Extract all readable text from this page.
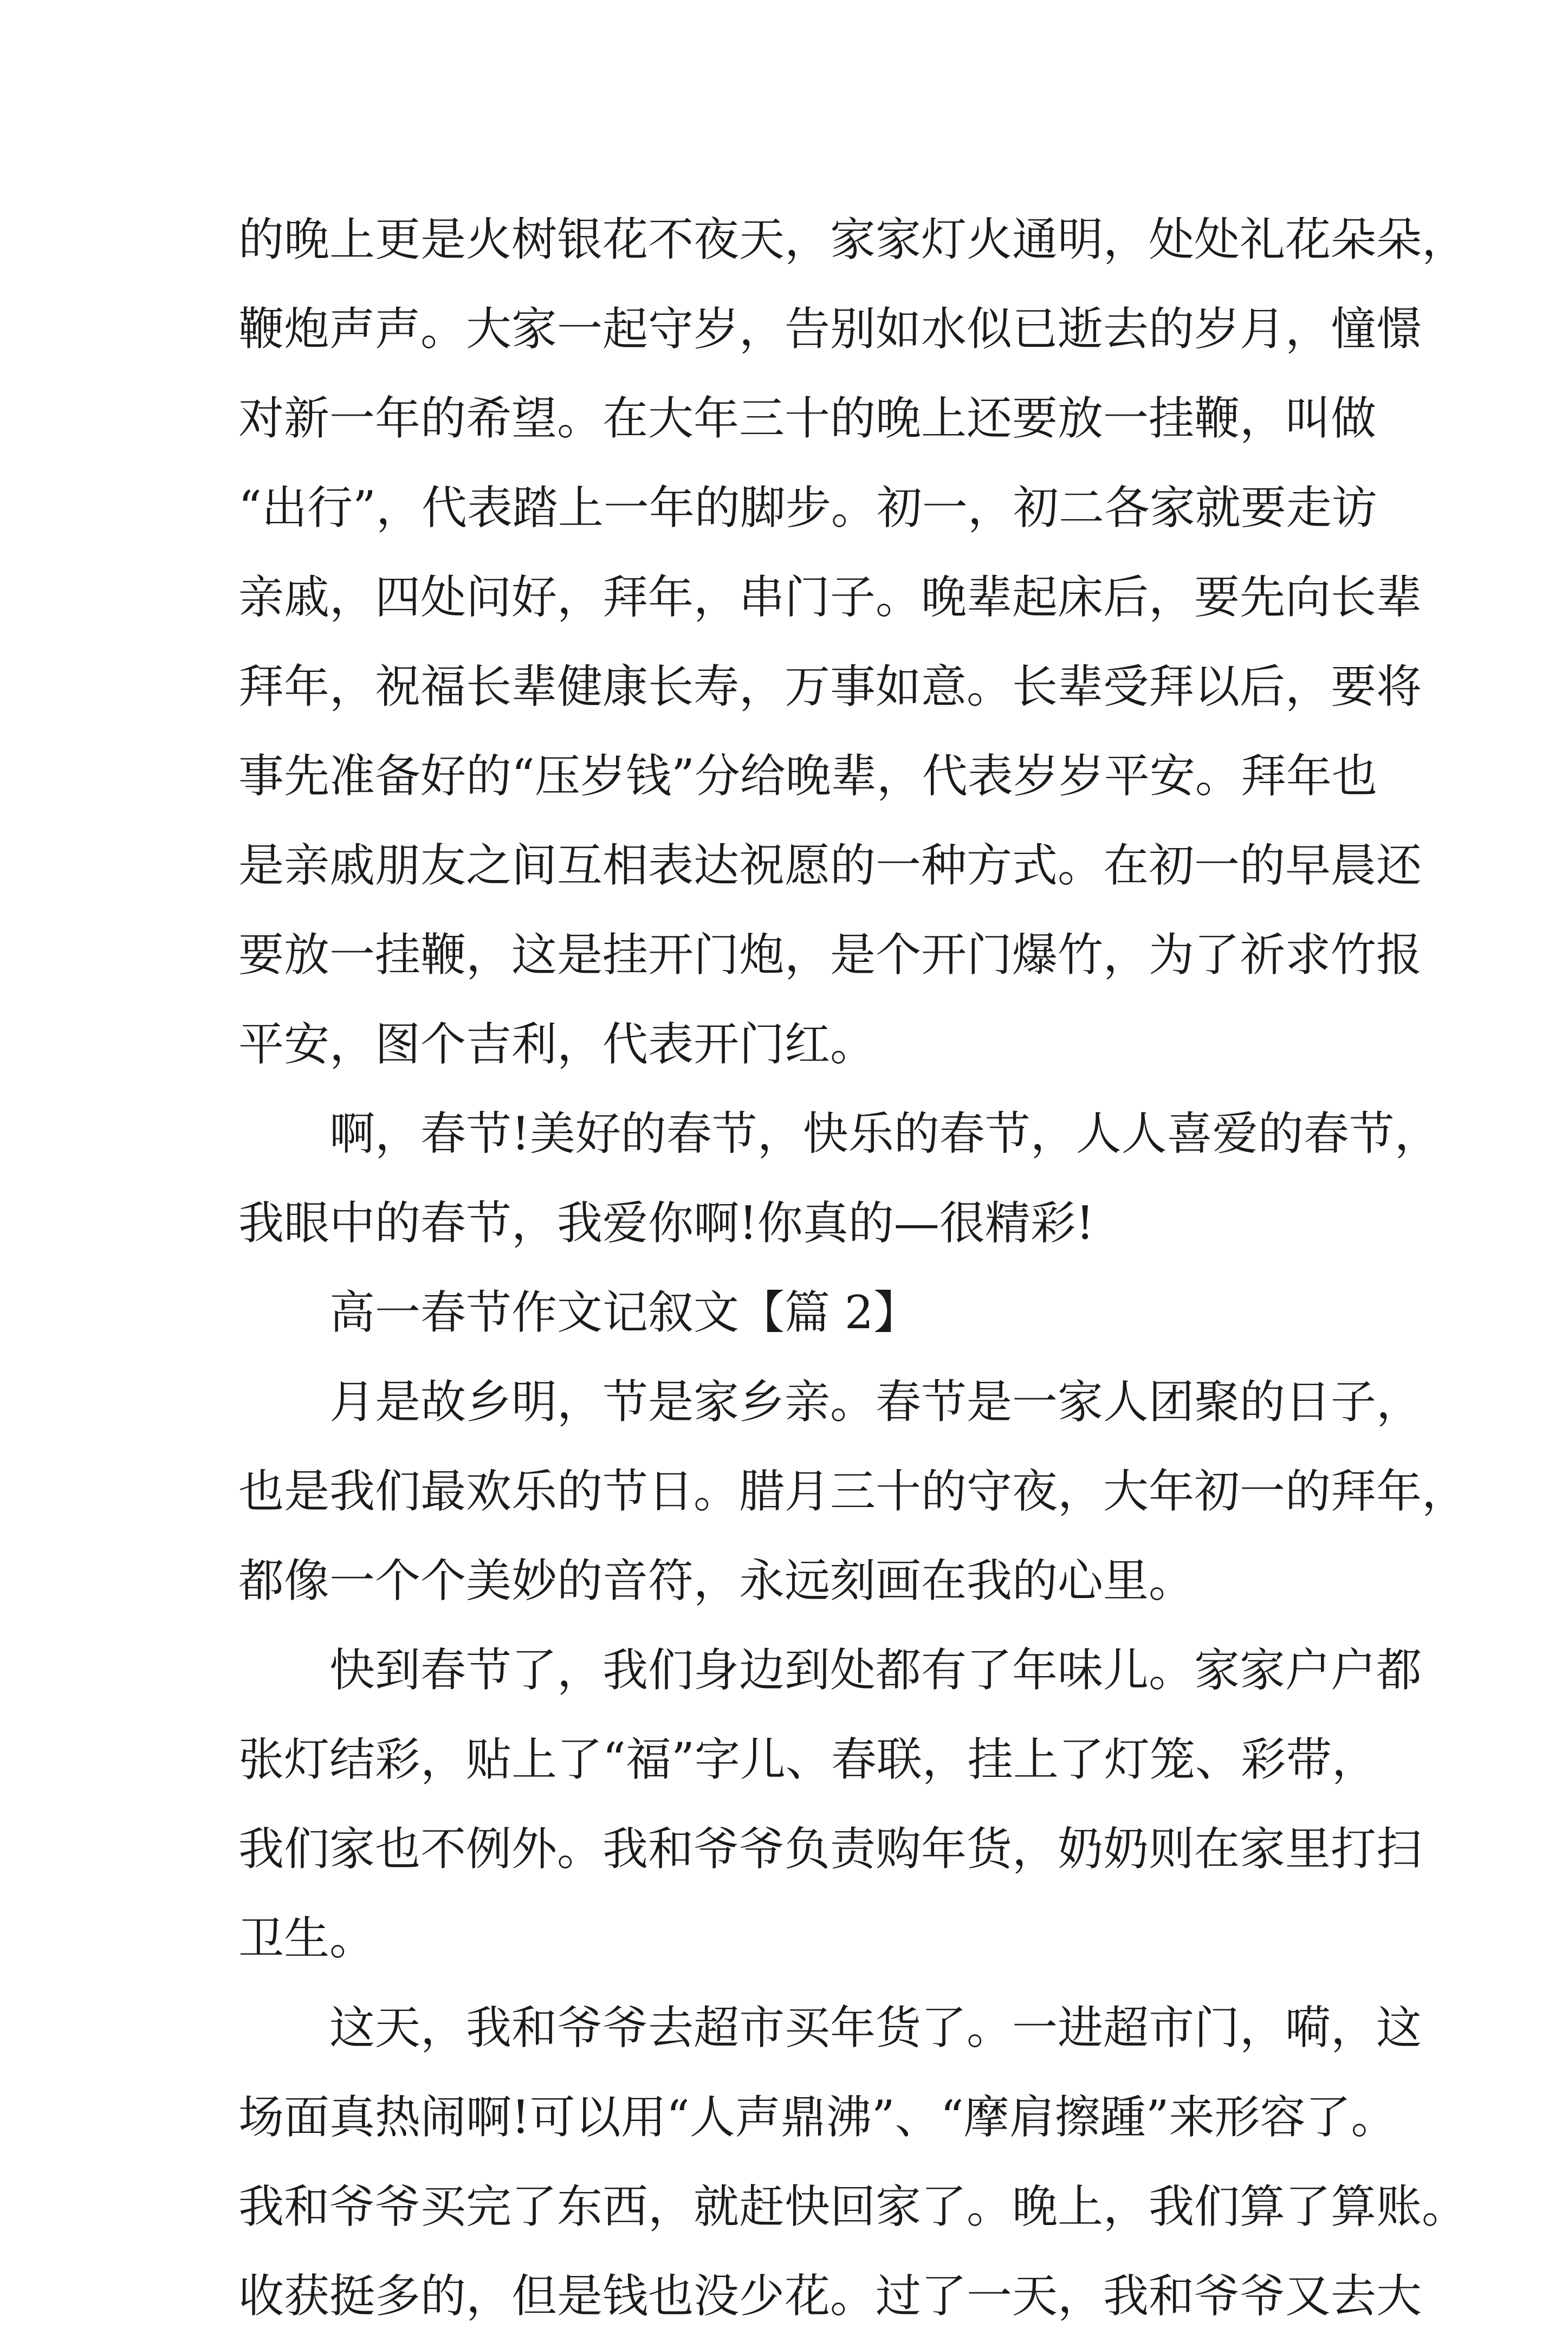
的晚上更是火树银花不夜天，家家灯火通明，处处礼花朵朵，
鞭炮声声。大家一起守岁，告别如水似已逝去的岁月，憧憬
对新一年的希望。在大年三十的晚上还要放一挂鞭，叫做
“出行”，代表踏上一年的脚步。初一，初二各家就要走访
亲戚，四处问好，拜年，串门子。晚辈起床后，要先向长辈
拜年，祝福长辈健康长寿，万事如意。长辈受拜以后，要将
事先准备好的“压岁钱”分给晚辈，代表岁岁平安。拜年也
是亲戚朋友之间互相表达祝愿的一种方式。在初一的早晨还
要放一挂鞭，这是挂开门炮，是个开门爆竹，为了祈求竹报
平安，图个吉利，代表开门红。
啊，春节!美好的春节，快乐的春节，人人喜爱的春节，
我眼中的春节，我爱你啊!你真的—很精彩!
高一春节作文记叙文【篇 2】
月是故乡明，节是家乡亲。春节是一家人团聚的日子，
也是我们最欢乐的节日。腊月三十的守夜，大年初一的拜年，
都像一个个美妙的音符，永远刻画在我的心里。
快到春节了，我们身边到处都有了年味儿。家家户户都
张灯结彩，贴上了“福”字儿、春联，挂上了灯笼、彩带，
我们家也不例外。我和爷爷负责购年货，奶奶则在家里打扫
卫生。
这天，我和爷爷去超市买年货了。一进超市门，嗬，这
场面真热闹啊!可以用“人声鼎沸”、“摩肩擦踵”来形容了。
我和爷爷买完了东西，就赶快回家了。晚上，我们算了算账。
收获挺多的，但是钱也没少花。过了一天，我和爷爷又去大
